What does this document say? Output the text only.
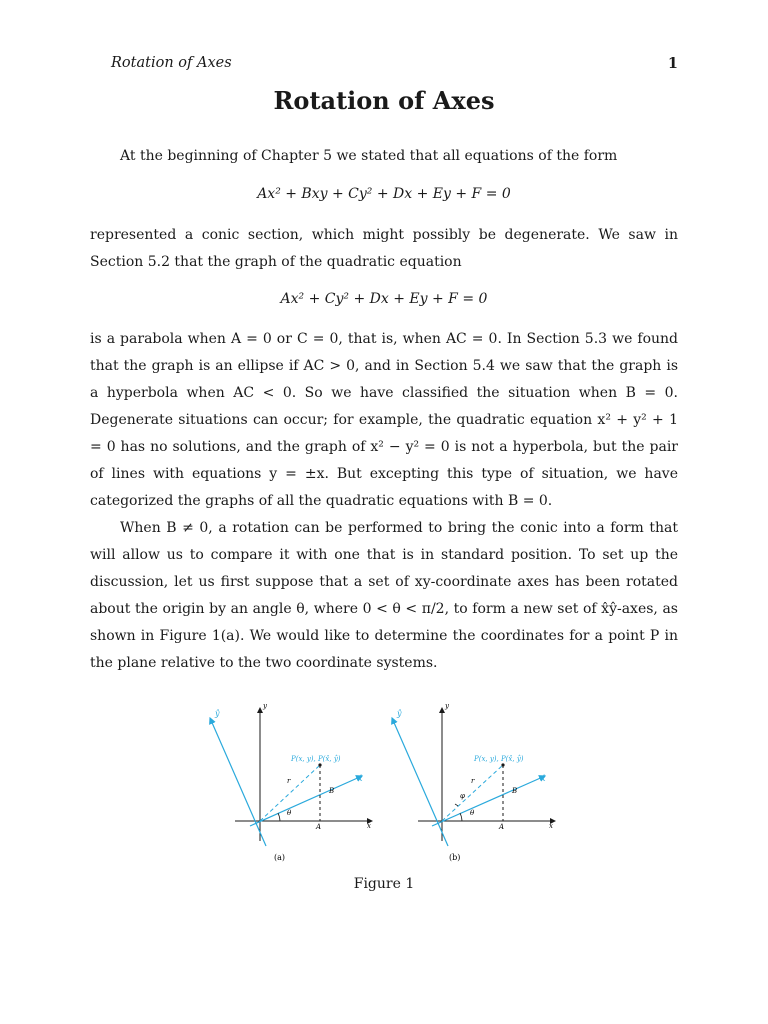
Rotation of Axes	1
Rotation of Axes

At the beginning of Chapter 5 we stated that all equations of the form

Ax² + Bxy + Cy² + Dx + Ey + F = 0

represented a conic section, which might possibly be degenerate. We saw in Section 5.2 that the graph of the quadratic equation

Ax² + Cy² + Dx + Ey + F = 0

is a parabola when A = 0 or C = 0, that is, when AC = 0. In Section 5.3 we found that the graph is an ellipse if AC > 0, and in Section 5.4 we saw that the graph is a hyperbola when AC < 0. So we have classified the situation when B = 0. Degenerate situations can occur; for example, the quadratic equation x² + y² + 1 = 0 has no solutions, and the graph of x² − y² = 0 is not a hyperbola, but the pair of lines with equations y = ±x. But excepting this type of situation, we have categorized the graphs of all the quadratic equations with B = 0.

When B ≠ 0, a rotation can be performed to bring the conic into a form that will allow us to compare it with one that is in standard position. To set up the discussion, let us first suppose that a set of xy-coordinate axes has been rotated about the origin by an angle θ, where 0 < θ < π/2, to form a new set of x̂ŷ-axes, as shown in Figure 1(a). We would like to determine the coordinates for a point P in the plane relative to the two coordinate systems.

ŷ
y
x
x̂
P(x, y), P(x̂, ŷ)
r
θ
A
B
(a)
ŷ
y
x
x̂
P(x, y), P(x̂, ŷ)
r
φ
θ
A
B
(b)
Figure 1
